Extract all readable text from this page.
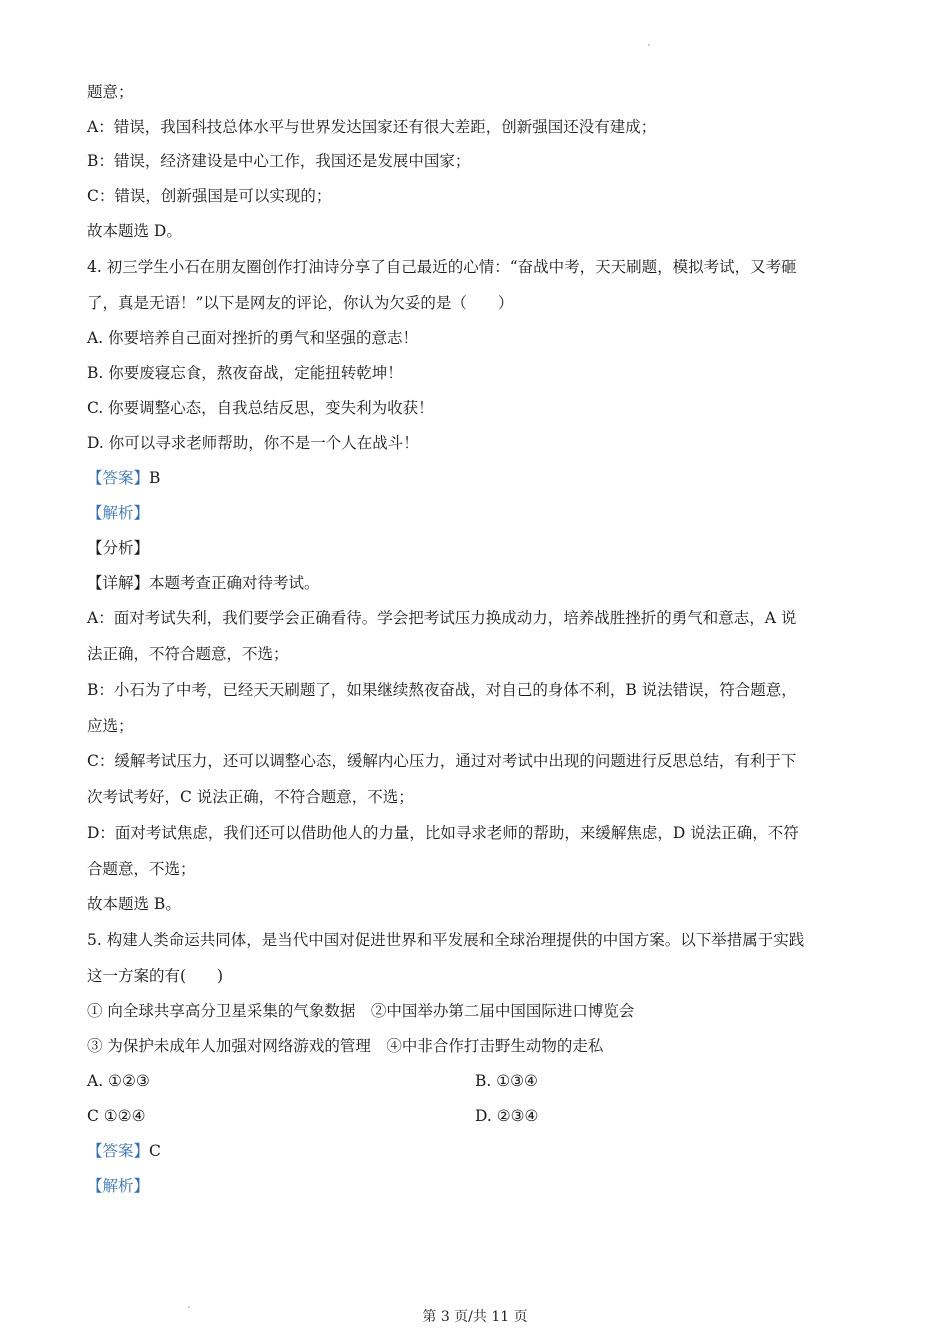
题意；
A：错误，我国科技总体水平与世界发达国家还有很大差距，创新强国还没有建成；
B：错误，经济建设是中心工作，我国还是发展中国家；
C：错误，创新强国是可以实现的；
故本题选 D。
4. 初三学生小石在朋友圈创作打油诗分享了自己最近的心情：“奋战中考，天天刷题，模拟考试，又考砸
了，真是无语！”以下是网友的评论，你认为欠妥的是（　　）
A. 你要培养自己面对挫折的勇气和坚强的意志！
B. 你要废寝忘食，熬夜奋战，定能扭转乾坤！
C. 你要调整心态，自我总结反思，变失利为收获！
D. 你可以寻求老师帮助，你不是一个人在战斗！
【答案】B
【解析】
【分析】
【详解】本题考查正确对待考试。
A：面对考试失利，我们要学会正确看待。学会把考试压力换成动力，培养战胜挫折的勇气和意志，A 说
法正确，不符合题意，不选；
B：小石为了中考，已经天天刷题了，如果继续熬夜奋战，对自己的身体不利，B 说法错误，符合题意，
应选；
C：缓解考试压力，还可以调整心态，缓解内心压力，通过对考试中出现的问题进行反思总结，有利于下
次考试考好，C 说法正确，不符合题意，不选；
D：面对考试焦虑，我们还可以借助他人的力量，比如寻求老师的帮助，来缓解焦虑，D 说法正确，不符
合题意，不选；
故本题选 B。
5. 构建人类命运共同体，是当代中国对促进世界和平发展和全球治理提供的中国方案。以下举措属于实践
这一方案的有(　　)
① 向全球共享高分卫星采集的气象数据　②中国举办第二届中国国际进口博览会
③ 为保护未成年人加强对网络游戏的管理　④中非合作打击野生动物的走私
A. ①②③	B. ①③④
C ①②④	D. ②③④
【答案】C
【解析】
第 3 页/共 11 页
